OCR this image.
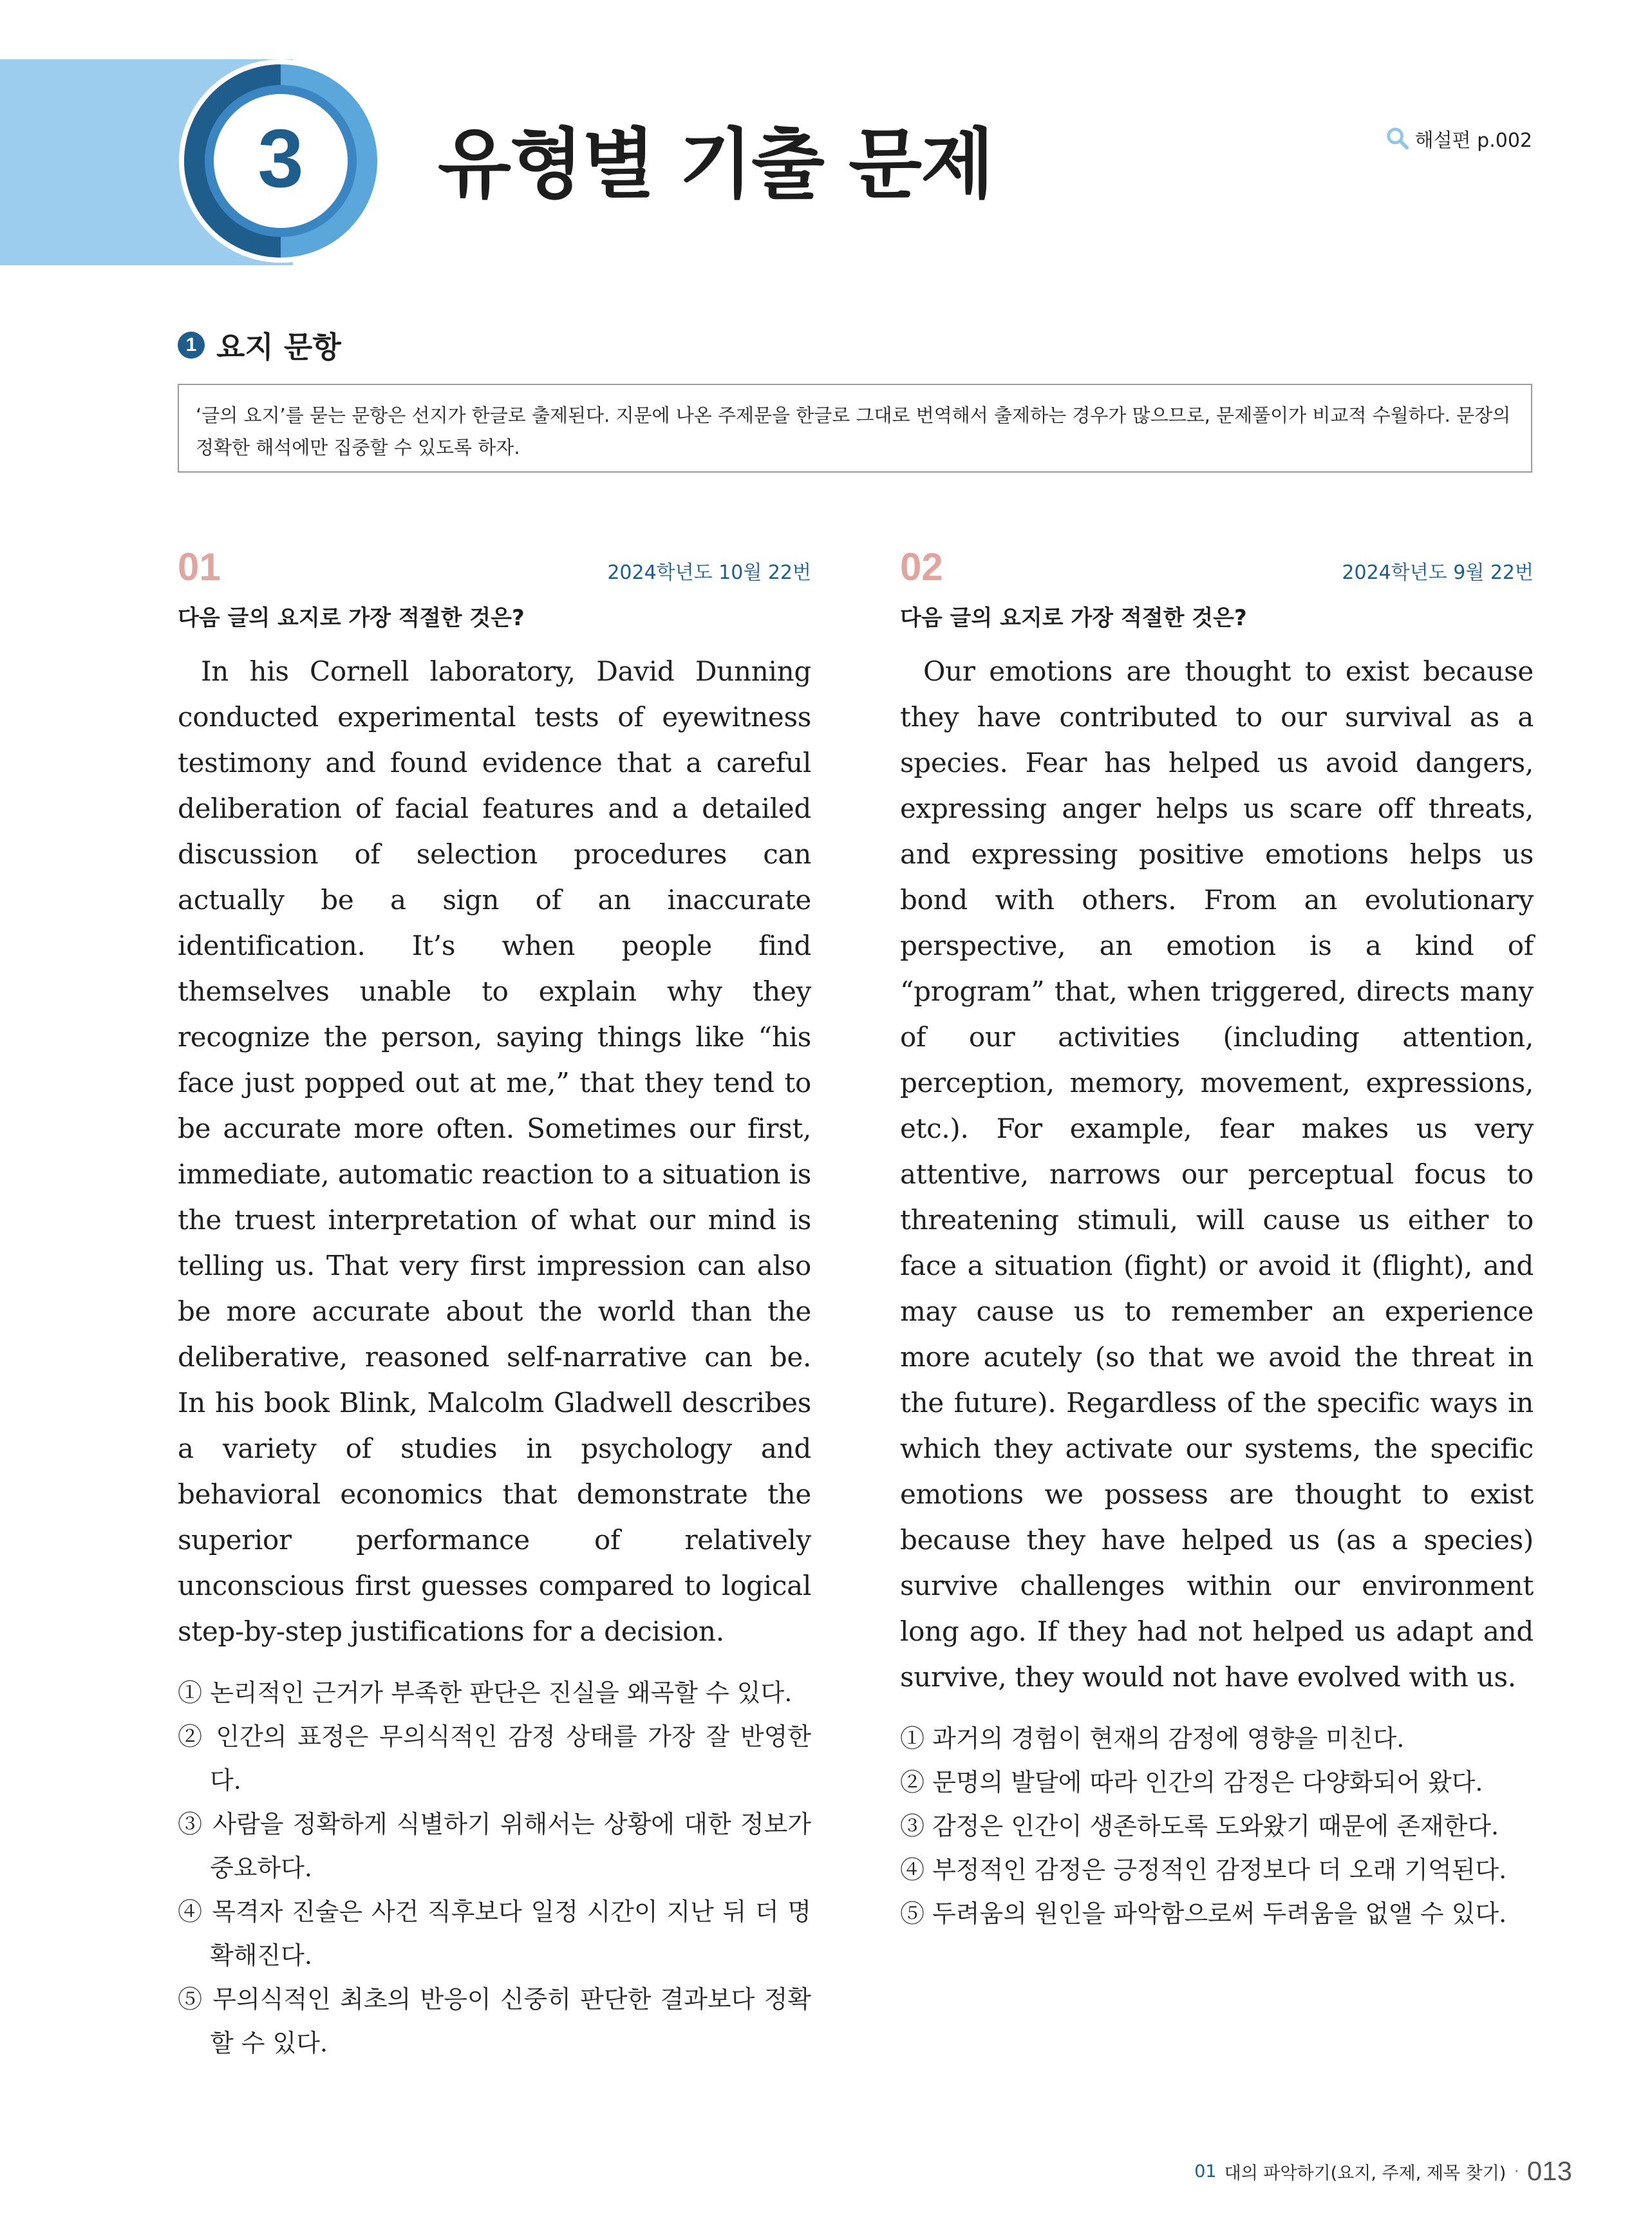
3 유형별 기출 문제	해설편 p.002
1 요지 문항
‘글의 요지’를 묻는 문항은 선지가 한글로 출제된다. 지문에 나온 주제문을 한글로 그대로 번역해서 출제하는 경우가 많으므로, 문제풀이가 비교적 수월하다. 문장의 정확한 해석에만 집중할 수 있도록 하자.
01	2024학년도 10월 22번
다음 글의 요지로 가장 적절한 것은?
In his Cornell laboratory, David Dunning conducted experimental tests of eyewitness testimony and found evidence that a careful deliberation of facial features and a detailed discussion of selection procedures can actually be a sign of an inaccurate identification. It’s when people find themselves unable to explain why they recognize the person, saying things like “his face just popped out at me,” that they tend to be accurate more often. Sometimes our first, immediate, automatic reaction to a situation is the truest interpretation of what our mind is telling us. That very first impression can also be more accurate about the world than the deliberative, reasoned self-narrative can be. In his book Blink, Malcolm Gladwell describes a variety of studies in psychology and behavioral economics that demonstrate the superior performance of relatively unconscious first guesses compared to logical step-by-step justifications for a decision.
① 논리적인 근거가 부족한 판단은 진실을 왜곡할 수 있다.
② 인간의 표정은 무의식적인 감정 상태를 가장 잘 반영한다.
③ 사람을 정확하게 식별하기 위해서는 상황에 대한 정보가 중요하다.
④ 목격자 진술은 사건 직후보다 일정 시간이 지난 뒤 더 명확해진다.
⑤ 무의식적인 최초의 반응이 신중히 판단한 결과보다 정확할 수 있다.
02	2024학년도 9월 22번
다음 글의 요지로 가장 적절한 것은?
Our emotions are thought to exist because they have contributed to our survival as a species. Fear has helped us avoid dangers, expressing anger helps us scare off threats, and expressing positive emotions helps us bond with others. From an evolutionary perspective, an emotion is a kind of “program” that, when triggered, directs many of our activities (including attention, perception, memory, movement, expressions, etc.). For example, fear makes us very attentive, narrows our perceptual focus to threatening stimuli, will cause us either to face a situation (fight) or avoid it (flight), and may cause us to remember an experience more acutely (so that we avoid the threat in the future). Regardless of the specific ways in which they activate our systems, the specific emotions we possess are thought to exist because they have helped us (as a species) survive challenges within our environment long ago. If they had not helped us adapt and survive, they would not have evolved with us.
① 과거의 경험이 현재의 감정에 영향을 미친다.
② 문명의 발달에 따라 인간의 감정은 다양화되어 왔다.
③ 감정은 인간이 생존하도록 도와왔기 때문에 존재한다.
④ 부정적인 감정은 긍정적인 감정보다 더 오래 기억된다.
⑤ 두려움의 원인을 파악함으로써 두려움을 없앨 수 있다.
01 대의 파악하기(요지, 주제, 제목 찾기) · 013
